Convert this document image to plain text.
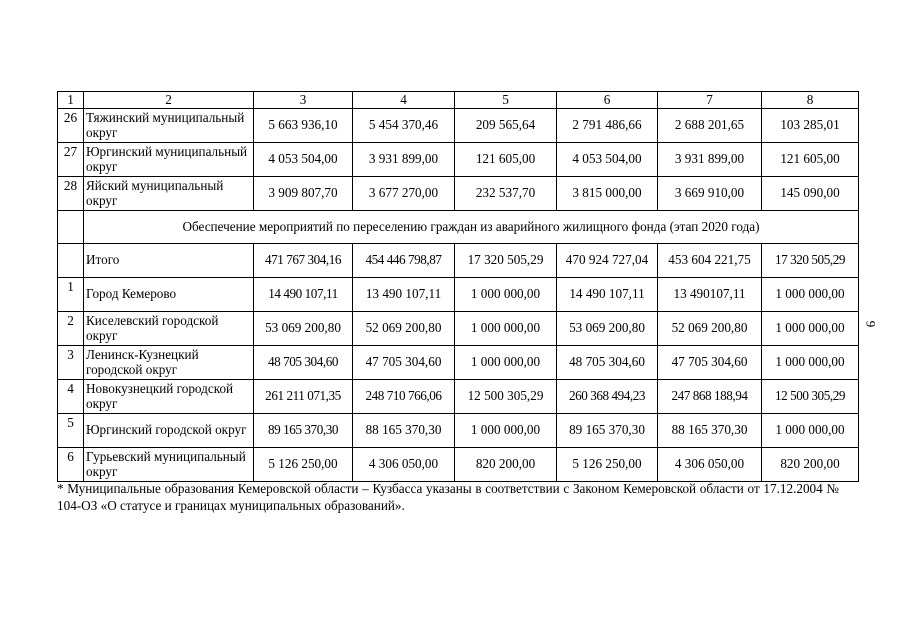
1	2	3	4	5	6	7	8
26	Тяжинский муниципальный округ	5 663 936,10	5 454 370,46	209 565,64	2 791 486,66	2 688 201,65	103 285,01
27	Юргинский муниципальный округ	4 053 504,00	3 931 899,00	121 605,00	4 053 504,00	3 931 899,00	121 605,00
28	Яйский муниципальный округ	3 909 807,70	3 677 270,00	232 537,70	3 815 000,00	3 669 910,00	145 090,00
	Обеспечение мероприятий по переселению граждан из аварийного жилищного фонда (этап 2020 года)						
	Итого	471 767 304,16	454 446 798,87	17 320 505,29	470 924 727,04	453 604 221,75	17 320 505,29
1	Город Кемерово	14 490 107,11	13 490 107,11	1 000 000,00	14 490 107,11	13 490107,11	1 000 000,00
2	Киселевский городской округ	53 069 200,80	52 069 200,80	1 000 000,00	53 069 200,80	52 069 200,80	1 000 000,00
3	Ленинск-Кузнецкий городской округ	48 705 304,60	47 705 304,60	1 000 000,00	48 705 304,60	47 705 304,60	1 000 000,00
4	Новокузнецкий городской округ	261 211 071,35	248 710 766,06	12 500 305,29	260 368 494,23	247 868 188,94	12 500 305,29
5	Юргинский городской округ	89 165 370,30	88 165 370,30	1 000 000,00	89 165 370,30	88 165 370,30	1 000 000,00
6	Гурьевский муниципальный округ	5 126 250,00	4 306 050,00	820 200,00	5 126 250,00	4 306 050,00	820 200,00
* Муниципальные образования Кемеровской области – Кузбасса указаны в соответствии с Законом Кемеровской области от 17.12.2004 № 104-ОЗ «О статусе и границах муниципальных образований».
9
